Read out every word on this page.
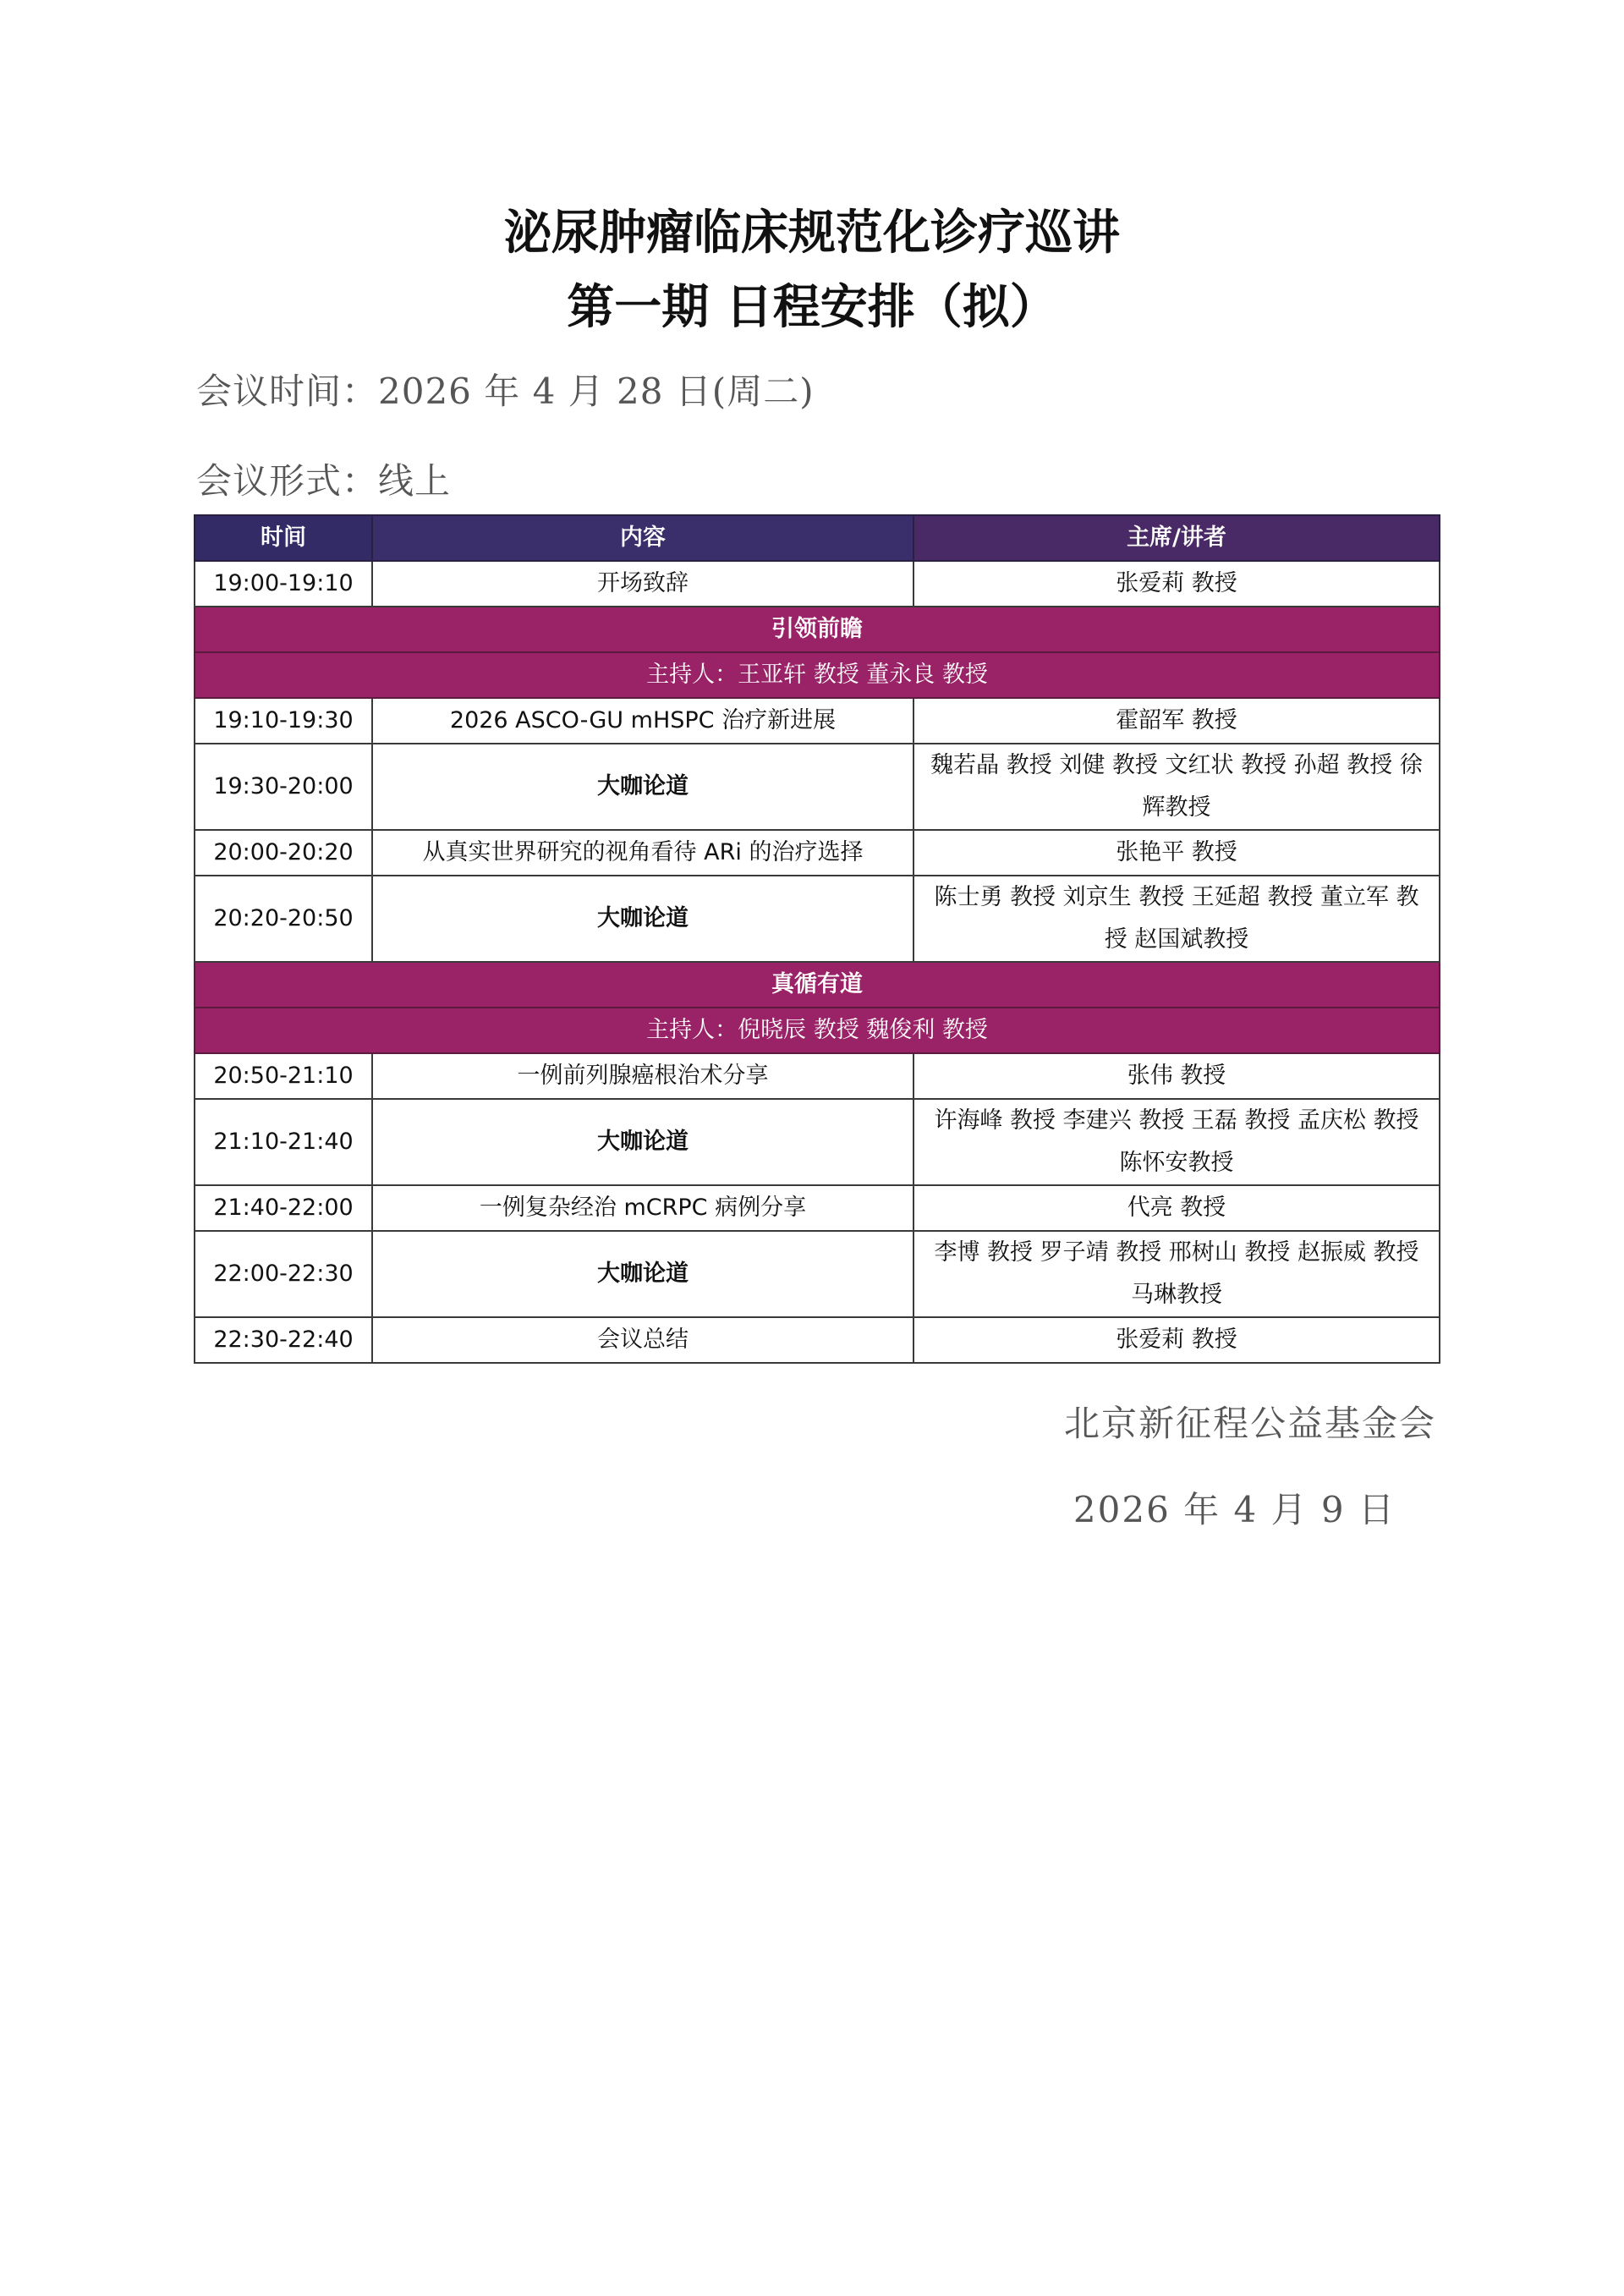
泌尿肿瘤临床规范化诊疗巡讲
第一期 日程安排（拟）
会议时间：2026 年 4 月 28 日(周二)
会议形式：线上
时间	内容	主席/讲者
19:00-19:10	开场致辞	张爱莉 教授
引领前瞻		
主持人：王亚轩 教授 董永良 教授		
19:10-19:30	2026 ASCO-GU mHSPC 治疗新进展	霍韶军 教授
19:30-20:00	大咖论道	魏若晶 教授 刘健 教授 文红状 教授 孙超 教授 徐辉教授
20:00-20:20	从真实世界研究的视角看待 ARi 的治疗选择	张艳平 教授
20:20-20:50	大咖论道	陈士勇 教授 刘京生 教授 王延超 教授 董立军 教授 赵国斌教授
真循有道		
主持人：倪晓辰 教授 魏俊利 教授		
20:50-21:10	一例前列腺癌根治术分享	张伟 教授
21:10-21:40	大咖论道	许海峰 教授 李建兴 教授 王磊 教授 孟庆松 教授 陈怀安教授
21:40-22:00	一例复杂经治 mCRPC 病例分享	代亮 教授
22:00-22:30	大咖论道	李博 教授 罗子靖 教授 邢树山 教授 赵振威 教授 马琳教授
22:30-22:40	会议总结	张爱莉 教授
北京新征程公益基金会
2026 年 4 月 9 日
